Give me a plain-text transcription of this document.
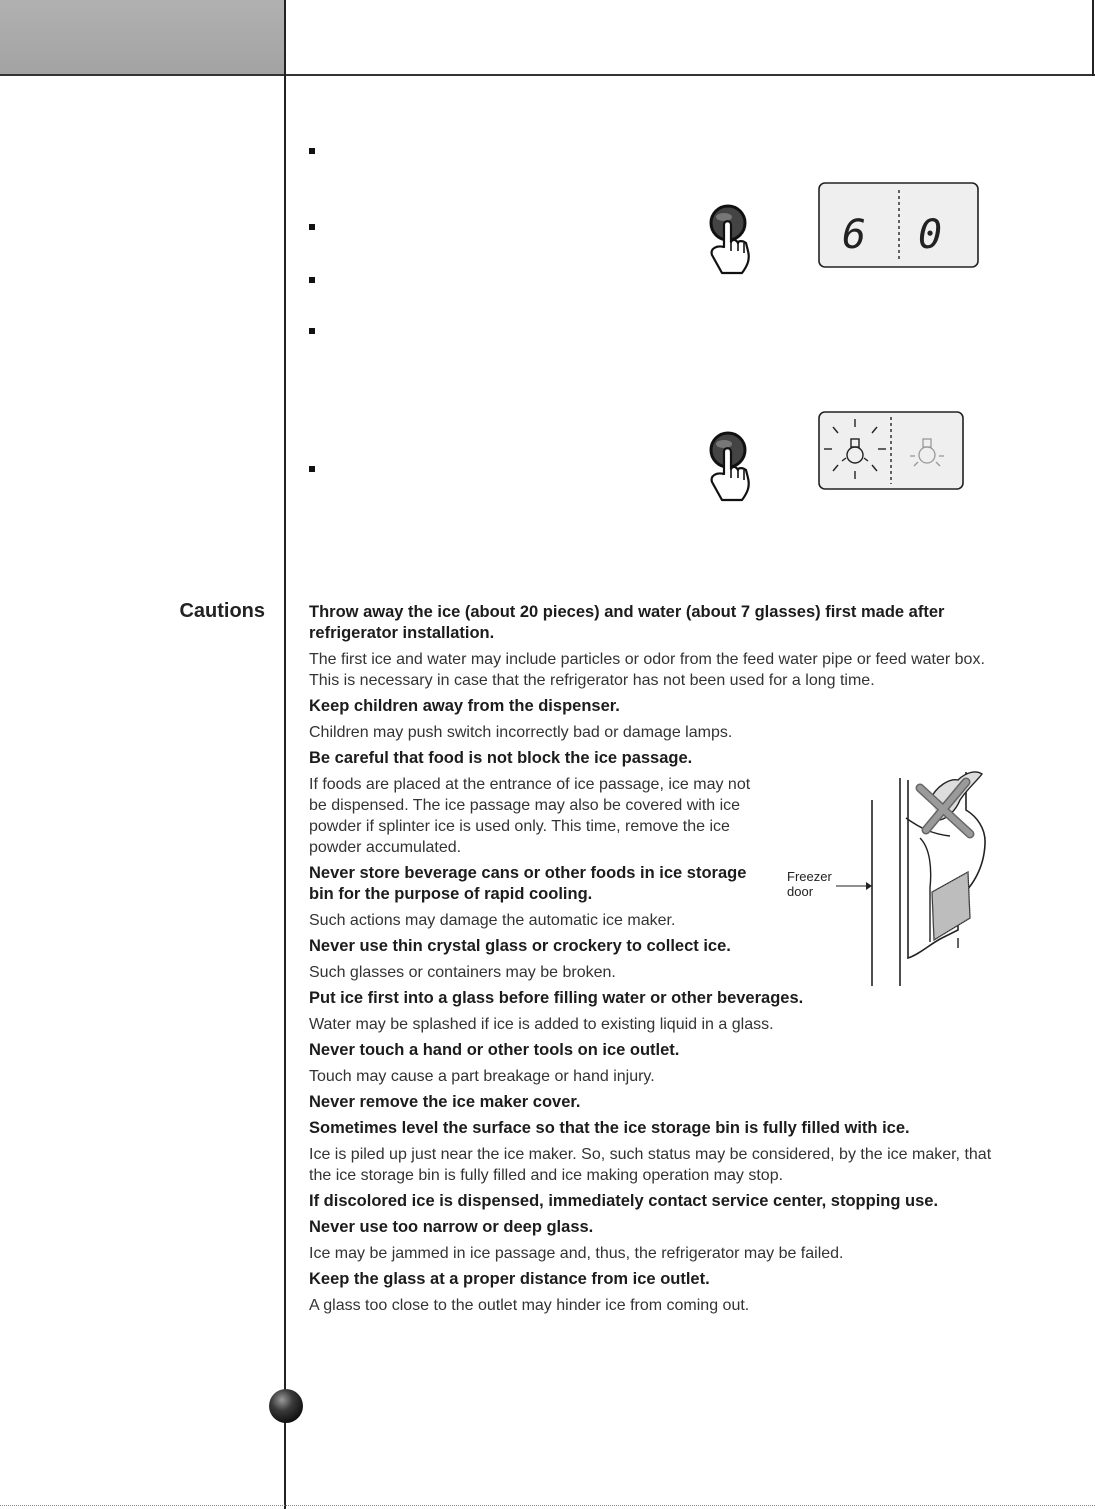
6 0
Cautions	Throw away the ice (about 20 pieces) and water (about 7 glasses) first made after refrigerator installation.

The first ice and water may include particles or odor from the feed water pipe or feed water box. This is necessary in case that the refrigerator has not been used for a long time.

Keep children away from the dispenser.

Children may push switch incorrectly bad or damage lamps.

Be careful that food is not block the ice passage.

If foods are placed at the entrance of ice passage, ice may not be dispensed. The ice passage may also be covered with ice powder if splinter ice is used only. This time, remove the ice powder accumulated.

Never store beverage cans or other foods in ice storage bin for the purpose of rapid cooling.

Such actions may damage the automatic ice maker.

Never use thin crystal glass or crockery to collect ice.

Such glasses or containers may be broken.

Put ice first into a glass before filling water or other beverages.

Water may be splashed if ice is added to existing liquid in a glass.

Never touch a hand or other tools on ice outlet.

Touch may cause a part breakage or hand injury.

Never remove the ice maker cover.

Sometimes level the surface so that the ice storage bin is fully filled with ice.

Ice is piled up just near the ice maker. So, such status may be considered, by the ice maker, that the ice storage bin is fully filled and ice making operation may stop.

If discolored ice is dispensed, immediately contact service center, stopping use.

Never use too narrow or deep glass.

Ice may be jammed in ice passage and, thus, the refrigerator may be failed.

Keep the glass at a proper distance from ice outlet.

A glass too close to the outlet may hinder ice from coming out.

Freezer door
